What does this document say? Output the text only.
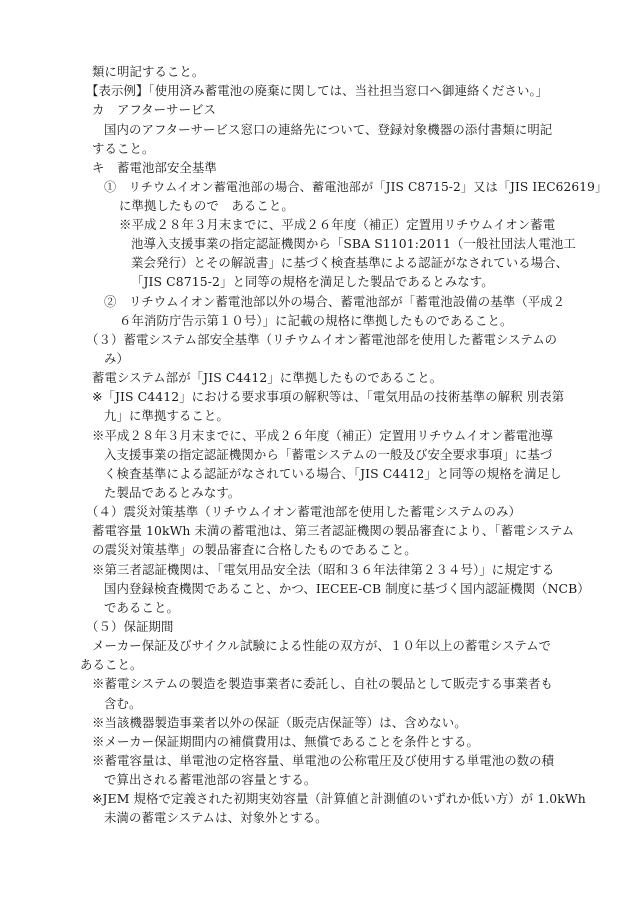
類に明記すること。
【表示例】「使用済み蓄電池の廃棄に関しては、当社担当窓口へ御連絡ください。」
カ　アフターサービス
国内のアフターサービス窓口の連絡先について、登録対象機器の添付書類に明記
すること。
キ　蓄電池部安全基準
①　リチウムイオン蓄電池部の場合、蓄電池部が「JIS C8715-2」又は「JIS IEC62619」
に準拠したもので　あること。
※平成２８年３月末までに、平成２６年度（補正）定置用リチウムイオン蓄電
池導入支援事業の指定認証機関から「SBA S1101:2011（一般社団法人電池工
業会発行）とその解説書」に基づく検査基準による認証がなされている場合、
「JIS C8715-2」と同等の規格を満足した製品であるとみなす。
②　リチウムイオン蓄電池部以外の場合、蓄電池部が「蓄電池設備の基準（平成２
６年消防庁告示第１０号）」に記載の規格に準拠したものであること。
（３）蓄電システム部安全基準（リチウムイオン蓄電池部を使用した蓄電システムの
み）
蓄電システム部が「JIS C4412」に準拠したものであること。
※「JIS C4412」における要求事項の解釈等は、「電気用品の技術基準の解釈 別表第
九」に準拠すること。
※平成２８年３月末までに、平成２６年度（補正）定置用リチウムイオン蓄電池導
入支援事業の指定認証機関から「蓄電システムの一般及び安全要求事項」に基づ
く検査基準による認証がなされている場合、「JIS C4412」と同等の規格を満足し
た製品であるとみなす。
（４）震災対策基準（リチウムイオン蓄電池部を使用した蓄電システムのみ）
蓄電容量 10kWh 未満の蓄電池は、第三者認証機関の製品審査により、「蓄電システム
の震災対策基準」の製品審査に合格したものであること。
※第三者認証機関は、「電気用品安全法（昭和３６年法律第２３４号）」に規定する
国内登録検査機関であること、かつ、IECEE-CB 制度に基づく国内認証機関（NCB）
であること。
（５）保証期間
メーカー保証及びサイクル試験による性能の双方が、１０年以上の蓄電システムで
あること。
※蓄電システムの製造を製造事業者に委託し、自社の製品として販売する事業者も
含む。
※当該機器製造事業者以外の保証（販売店保証等）は、含めない。
※メーカー保証期間内の補償費用は、無償であることを条件とする。
※蓄電容量は、単電池の定格容量、単電池の公称電圧及び使用する単電池の数の積
で算出される蓄電池部の容量とする。
※JEM 規格で定義された初期実効容量（計算値と計測値のいずれか低い方）が 1.0kWh
未満の蓄電システムは、対象外とする。
